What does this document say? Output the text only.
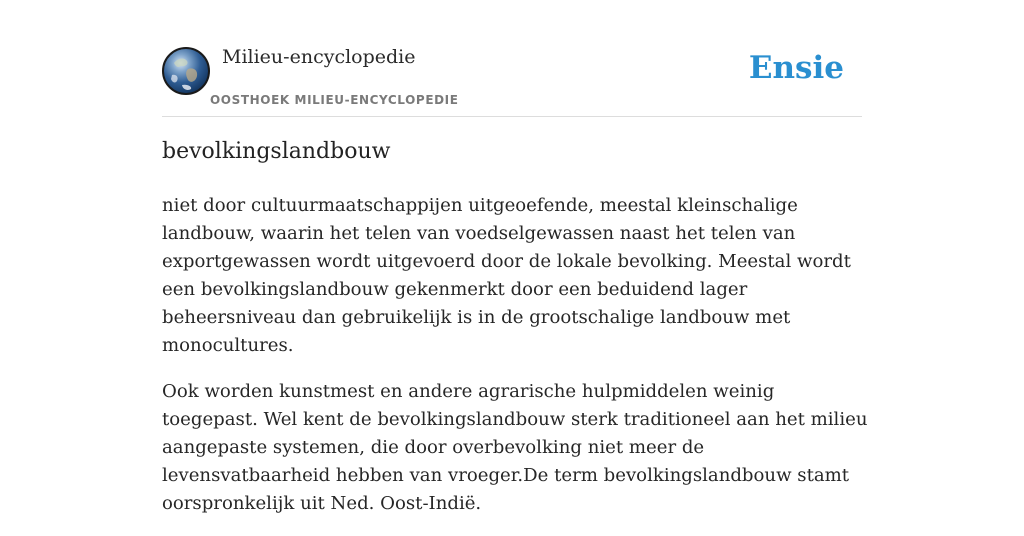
Milieu-encyclopedie
OOSTHOEK MILIEU-ENCYCLOPEDIE
Ensie
bevolkingslandbouw

niet door cultuurmaatschappijen uitgeoefende, meestal kleinschalige landbouw, waarin het telen van voedselgewassen naast het telen van exportgewassen wordt uitgevoerd door de lokale bevolking. Meestal wordt een bevolkingslandbouw gekenmerkt door een beduidend lager beheersniveau dan gebruikelijk is in de grootschalige landbouw met monocultures.

Ook worden kunstmest en andere agrarische hulpmiddelen weinig toegepast. Wel kent de bevolkingslandbouw sterk traditioneel aan het milieu aangepaste systemen, die door overbevolking niet meer de levensvatbaarheid hebben van vroeger.De term bevolkingslandbouw stamt oorspronkelijk uit Ned. Oost-Indië.
